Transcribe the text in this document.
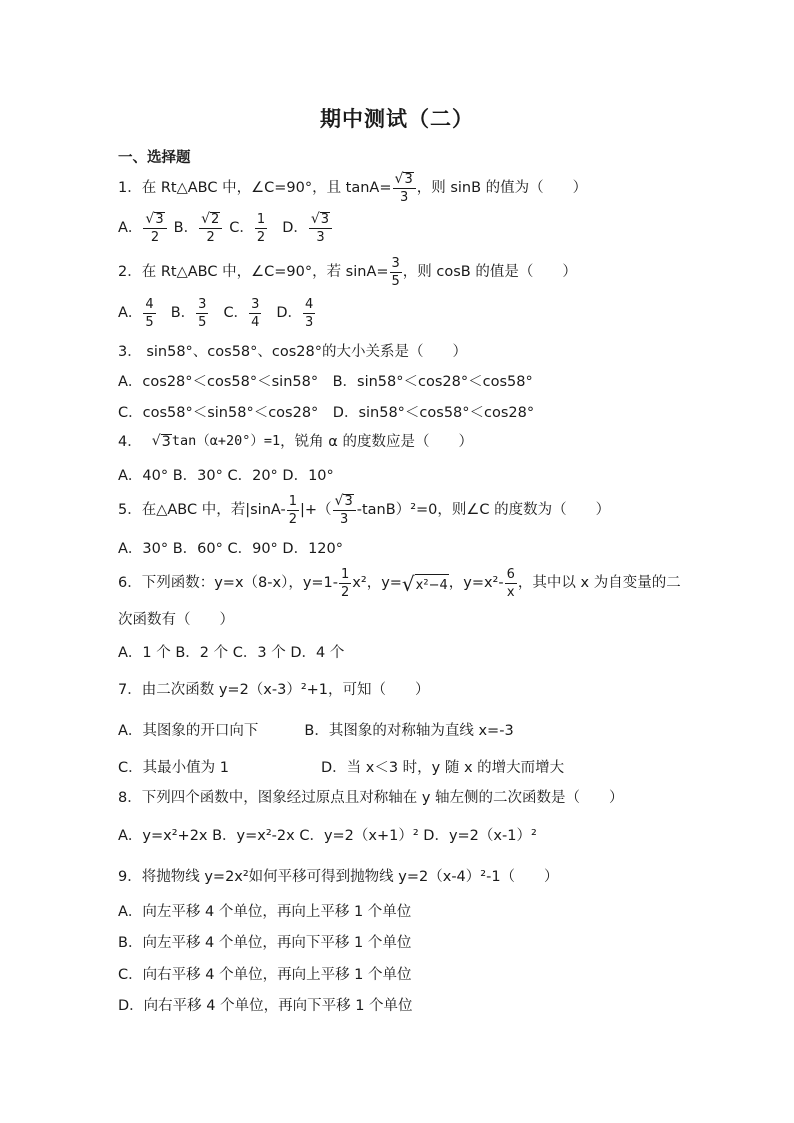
期中测试（二）
一、选择题
1．在 Rt△ABC 中，∠C=90°，且 $\tan A= \frac{√ 3}{3}$ ，则 sinB 的值为（　　）
A． $\frac{√ 3}{2}$ B． $\frac{√ 2}{2}$ C． $\frac{1}{2}$ D． $\frac{√ 3}{3}$
2．在 Rt△ABC 中，∠C=90°，若 $\sin A= \frac{3}{5}$ ，则 cosB 的值是（　　）
A． $\frac{4}{5}$ B． $\frac{3}{5}$ C． $\frac{3}{4}$ D． $\frac{4}{3}$
3． sin58°、cos58°、cos28°的大小关系是（　　）
A．cos28°＜cos58°＜sin58°　B．sin58°＜cos28°＜cos58°
C．cos58°＜sin58°＜cos28°　D．sin58°＜cos58°＜cos28°
4． √ 3 tan（α+20°）=1 ，锐角 α 的度数应是（　　）
A．40° B．30° C．20° D．10°
5．在△ABC 中，若$|\sin A- \frac{1}{2}$ |+（ $\frac{√ 3}{3} -\tan B)^2=0$，则∠C 的度数为（　　）
A．30° B．60° C．90° D．120°
6．下列函数：y=x（8-x），$y=1- \frac{1}{2} x^2$，y= √ x²−4 ，$y=x^2- \frac{6}{x}$ ，其中以 x 为自变量的二
次函数有（　　）
A．1 个 B．2 个 C．3 个 D．4 个
7．由二次函数 y=2（x-3）²+1，可知（　　）
A．其图象的开口向下	B．其图象的对称轴为直线 x=-3
C．其最小值为 1	D．当 x＜3 时，y 随 x 的增大而增大
8．下列四个函数中，图象经过原点且对称轴在 y 轴左侧的二次函数是（　　）
A．y=x²+2x B．y=x²-2x C．y=2（x+1）² D．y=2（x-1）²
9．将抛物线 y=2x²如何平移可得到抛物线 y=2（x-4）²-1（　　）
A．向左平移 4 个单位，再向上平移 1 个单位
B．向左平移 4 个单位，再向下平移 1 个单位
C．向右平移 4 个单位，再向上平移 1 个单位
D．向右平移 4 个单位，再向下平移 1 个单位
